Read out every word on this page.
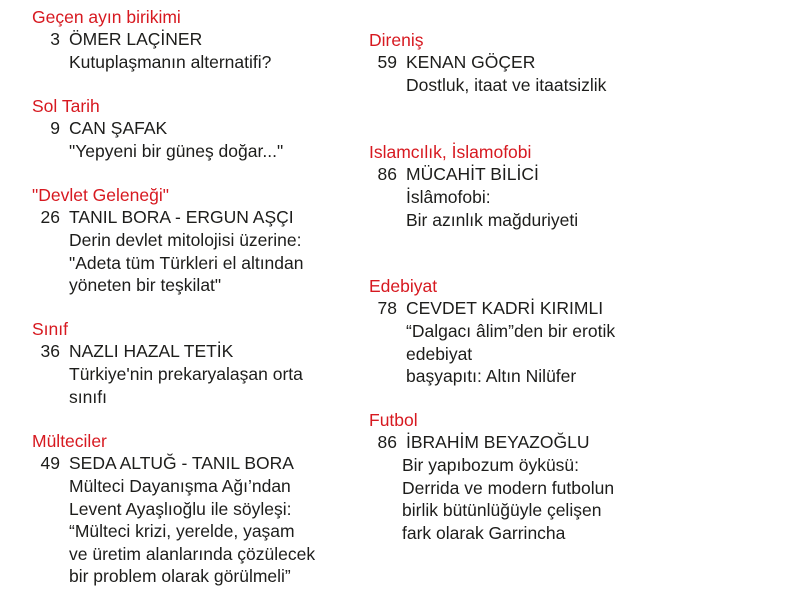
Geçen ayın birikimi
3 ÖMER LAÇİNER
Kutuplaşmanın alternatifi?
Sol Tarih
9 CAN ŞAFAK
"Yepyeni bir güneş doğar..."
"Devlet Geleneği"
26 TANIL BORA - ERGUN AŞÇI
Derin devlet mitolojisi üzerine:
"Adeta tüm Türkleri el altından
yöneten bir teşkilat"
Sınıf
36 NAZLI HAZAL TETİK
Türkiye'nin prekaryalaşan orta
sınıfı
Mülteciler
49 SEDA ALTUĞ - TANIL BORA
Mülteci Dayanışma Ağı’ndan
Levent Ayaşlıoğlu ile söyleşi:
“Mülteci krizi, yerelde, yaşam
ve üretim alanlarında çözülecek
bir problem olarak görülmeli”
Direniş
59 KENAN GÖÇER
Dostluk, itaat ve itaatsizlik
Islamcılık, İslamofobi
86 MÜCAHİT BİLİCİ
İslâmofobi:
Bir azınlık mağduriyeti
Edebiyat
78 CEVDET KADRİ KIRIMLI
“Dalgacı âlim”den bir erotik
edebiyat
başyapıtı: Altın Nilüfer
Futbol
86 İBRAHİM BEYAZOĞLU
Bir yapıbozum öyküsü:
Derrida ve modern futbolun
birlik bütünlüğüyle çelişen
fark olarak Garrincha
